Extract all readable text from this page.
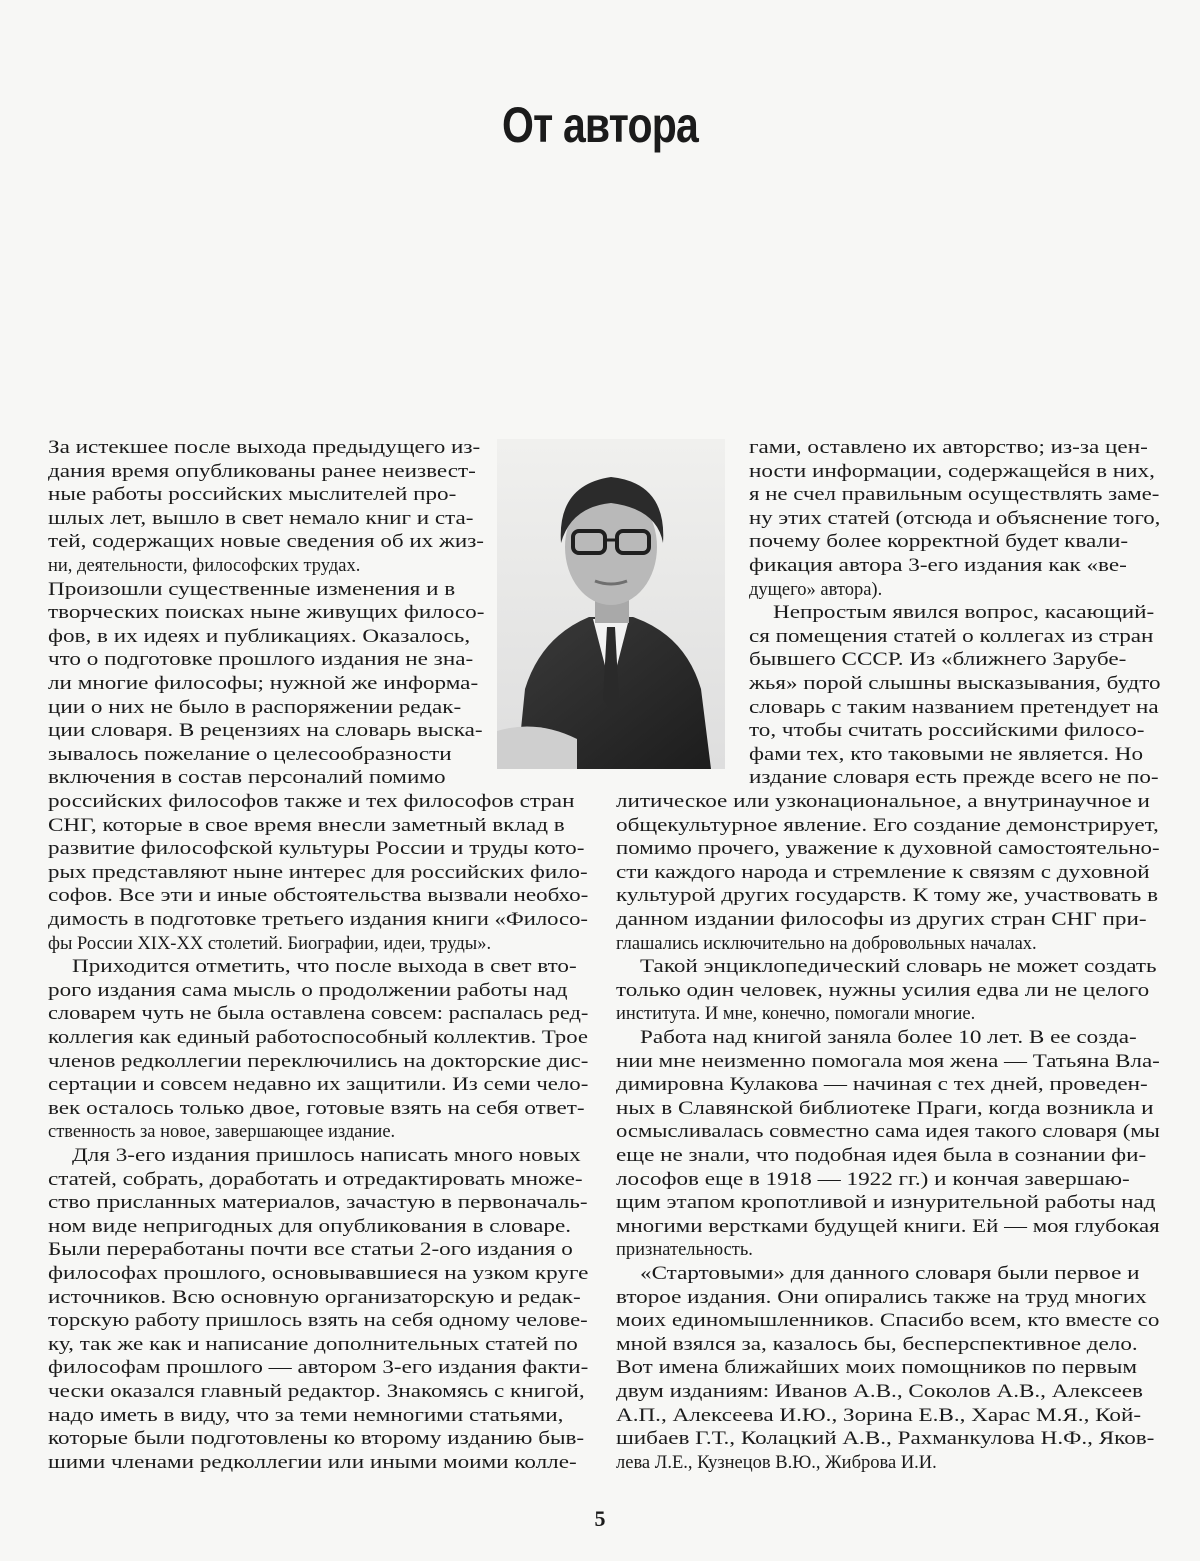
От автора
За истекшее после выхода предыдущего из-
дания время опубликованы ранее неизвест-
ные работы российских мыслителей про-
шлых лет, вышло в свет немало книг и ста-
тей, содержащих новые сведения об их жиз-
ни, деятельности, философских трудах.
Произошли существенные изменения и в
творческих поисках ныне живущих филосо-
фов, в их идеях и публикациях. Оказалось,
что о подготовке прошлого издания не зна-
ли многие философы; нужной же информа-
ции о них не было в распоряжении редак-
ции словаря. В рецензиях на словарь выска-
зывалось пожелание о целесообразности
включения в состав персоналий помимо
российских философов также и тех философов стран
СНГ, которые в свое время внесли заметный вклад в
развитие философской культуры России и труды кото-
рых представляют ныне интерес для российских фило-
софов. Все эти и иные обстоятельства вызвали необхо-
димость в подготовке третьего издания книги «Филосо-
фы России XIX-XX столетий. Биографии, идеи, труды».
Приходится отметить, что после выхода в свет вто-
рого издания сама мысль о продолжении работы над
словарем чуть не была оставлена совсем: распалась ред-
коллегия как единый работоспособный коллектив. Трое
членов редколлегии переключились на докторские дис-
сертации и совсем недавно их защитили. Из семи чело-
век осталось только двое, готовые взять на себя ответ-
ственность за новое, завершающее издание.
Для 3-его издания пришлось написать много новых
статей, собрать, доработать и отредактировать множе-
ство присланных материалов, зачастую в первоначаль-
ном виде непригодных для опубликования в словаре.
Были переработаны почти все статьи 2-ого издания о
философах прошлого, основывавшиеся на узком круге
источников. Всю основную организаторскую и редак-
торскую работу пришлось взять на себя одному челове-
ку, так же как и написание дополнительных статей по
философам прошлого — автором 3-его издания факти-
чески оказался главный редактор. Знакомясь с книгой,
надо иметь в виду, что за теми немногими статьями,
которые были подготовлены ко второму изданию быв-
шими членами редколлегии или иными моими колле-
гами, оставлено их авторство; из-за цен-
ности информации, содержащейся в них,
я не счел правильным осуществлять заме-
ну этих статей (отсюда и объяснение того,
почему более корректной будет квали-
фикация автора 3-его издания как «ве-
дущего» автора).
Непростым явился вопрос, касающий-
ся помещения статей о коллегах из стран
бывшего СССР. Из «ближнего Зарубе-
жья» порой слышны высказывания, будто
словарь с таким названием претендует на
то, чтобы считать российскими филосо-
фами тех, кто таковыми не является. Но
издание словаря есть прежде всего не по-
литическое или узконациональное, а внутринаучное и
общекультурное явление. Его создание демонстрирует,
помимо прочего, уважение к духовной самостоятельно-
сти каждого народа и стремление к связям с духовной
культурой других государств. К тому же, участвовать в
данном издании философы из других стран СНГ при-
глашались исключительно на добровольных началах.
Такой энциклопедический словарь не может создать
только один человек, нужны усилия едва ли не целого
института. И мне, конечно, помогали многие.
Работа над книгой заняла более 10 лет. В ее созда-
нии мне неизменно помогала моя жена — Татьяна Вла-
димировна Кулакова — начиная с тех дней, проведен-
ных в Славянской библиотеке Праги, когда возникла и
осмысливалась совместно сама идея такого словаря (мы
еще не знали, что подобная идея была в сознании фи-
лософов еще в 1918 — 1922 гг.) и кончая завершаю-
щим этапом кропотливой и изнурительной работы над
многими верстками будущей книги. Ей — моя глубокая
признательность.
«Стартовыми» для данного словаря были первое и
второе издания. Они опирались также на труд многих
моих единомышленников. Спасибо всем, кто вместе со
мной взялся за, казалось бы, бесперспективное дело.
Вот имена ближайших моих помощников по первым
двум изданиям: Иванов А.В., Соколов А.В., Алексеев
А.П., Алексеева И.Ю., Зорина Е.В., Харас М.Я., Кой-
шибаев Г.Т., Колацкий А.В., Рахманкулова Н.Ф., Яков-
лева Л.Е., Кузнецов В.Ю., Жиброва И.И.
5
